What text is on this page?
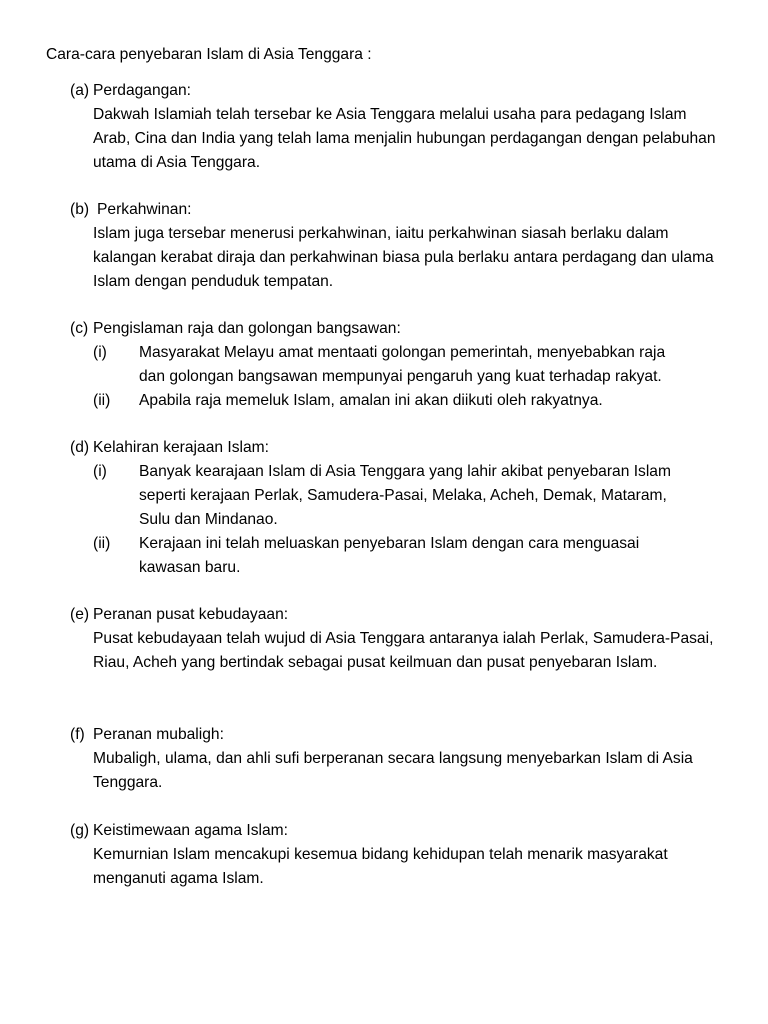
Cara-cara penyebaran Islam di Asia Tenggara :
(a) Perdagangan:
Dakwah Islamiah telah tersebar ke Asia Tenggara melalui usaha para pedagang Islam Arab, Cina dan India yang telah lama menjalin hubungan perdagangan dengan pelabuhan utama di Asia Tenggara.
(b) Perkahwinan:
Islam juga tersebar menerusi perkahwinan, iaitu perkahwinan siasah berlaku dalam kalangan kerabat diraja dan perkahwinan biasa pula berlaku antara perdagang dan ulama Islam dengan penduduk tempatan.
(c) Pengislaman raja dan golongan bangsawan:
(i) Masyarakat Melayu amat mentaati golongan pemerintah, menyebabkan raja dan golongan bangsawan mempunyai pengaruh yang kuat terhadap rakyat.
(ii) Apabila raja memeluk Islam, amalan ini akan diikuti oleh rakyatnya.
(d) Kelahiran kerajaan Islam:
(i) Banyak kearajaan Islam di Asia Tenggara yang lahir akibat penyebaran Islam seperti kerajaan Perlak, Samudera-Pasai, Melaka, Acheh, Demak, Mataram, Sulu dan Mindanao.
(ii) Kerajaan ini telah meluaskan penyebaran Islam dengan cara menguasai kawasan baru.
(e) Peranan pusat kebudayaan:
Pusat kebudayaan telah wujud di Asia Tenggara antaranya ialah Perlak, Samudera-Pasai, Riau, Acheh yang bertindak sebagai pusat keilmuan dan pusat penyebaran Islam.
(f) Peranan mubaligh:
Mubaligh, ulama, dan ahli sufi berperanan secara langsung menyebarkan Islam di Asia Tenggara.
(g) Keistimewaan agama Islam:
Kemurnian Islam mencakupi kesemua bidang kehidupan telah menarik masyarakat menganuti agama Islam.
